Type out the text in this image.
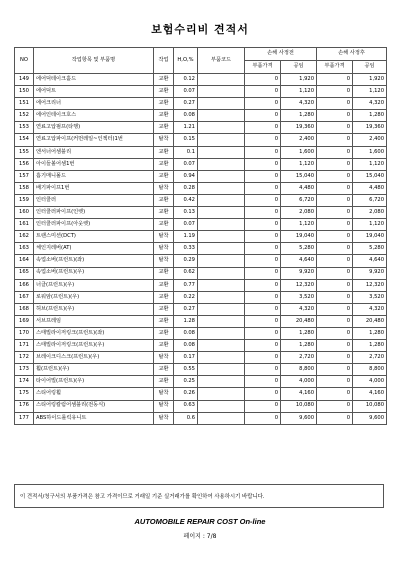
보험수리비 견적서
NO	작업항목 및 부품명	작업	H,O,%	부품코드	손해 사정전		손해 사정후	
					부품가격	공임	부품가격	공임
149	에어덕테이크홀드	교환	0.12		0	1,920	0	1,920
150	에어덕트	교환	0.07		0	1,120	0	1,120
151	에어크리너	교환	0.27		0	4,320	0	4,320
152	에어인테이크호스	교환	0.08		0	1,280	0	1,280
153	연료고압펌프(타행)	교환	1.21		0	19,360	0	19,360
154	연료고압파이프(커먼레일~인젝터)1번	탈착	0.15		0	2,400	0	2,400
155	엔서너어셈블리	교환	0.1		0	1,600	0	1,600
156	아이들볼어셈1번	교환	0.07		0	1,120	0	1,120
157	흡기매니폴드	교환	0.94		0	15,040	0	15,040
158	배기파이프1번	탈착	0.28		0	4,480	0	4,480
159	인터쿨러	교환	0.42		0	6,720	0	6,720
160	인터쿨러파이프(인렛)	교환	0.13		0	2,080	0	2,080
161	인터쿨러파이프(아웃렛)	교환	0.07		0	1,120	0	1,120
162	트랜스미션(DCT)	탈착	1.19		0	19,040	0	19,040
163	체인지레버(AT)	탈착	0.33		0	5,280	0	5,280
164	속업소버(프런트)(좌)	탈착	0.29		0	4,640	0	4,640
165	속업소버(프런트)(우)	교환	0.62		0	9,920	0	9,920
166	너클(프런트)(우)	교환	0.77		0	12,320	0	12,320
167	로워암(프런트)(우)	교환	0.22		0	3,520	0	3,520
168	허브(프런트)(우)	교환	0.27		0	4,320	0	4,320
169	서브프레임	교환	1.28		0	20,480	0	20,480
170	스태빌라이저링크(프런트)(좌)	교환	0.08		0	1,280	0	1,280
171	스태빌라이저링크(프런트)(우)	교환	0.08		0	1,280	0	1,280
172	브레이크디스크(프런트)(우)	탈착	0.17		0	2,720	0	2,720
173	휠(프런트)(우)	교환	0.55		0	8,800	0	8,800
174	타이어빌(프런트)(우)	교환	0.25		0	4,000	0	4,000
175	스티어링휠	탈착	0.26		0	4,160	0	4,160
176	스티어링칼럼어셈블리(전동식)	탈착	0.63		0	10,080	0	10,080
177	ABS하이드롤릭유니트	탈착	0.6		0	9,600	0	9,600
이 견적서/청구서의 부품가격은 참고 가격이므로 거래일 기준 실거래가를 확인하여 사용하시기 바랍니다.
AUTOMOBILE REPAIR COST On-line
페이지 : 7/8
